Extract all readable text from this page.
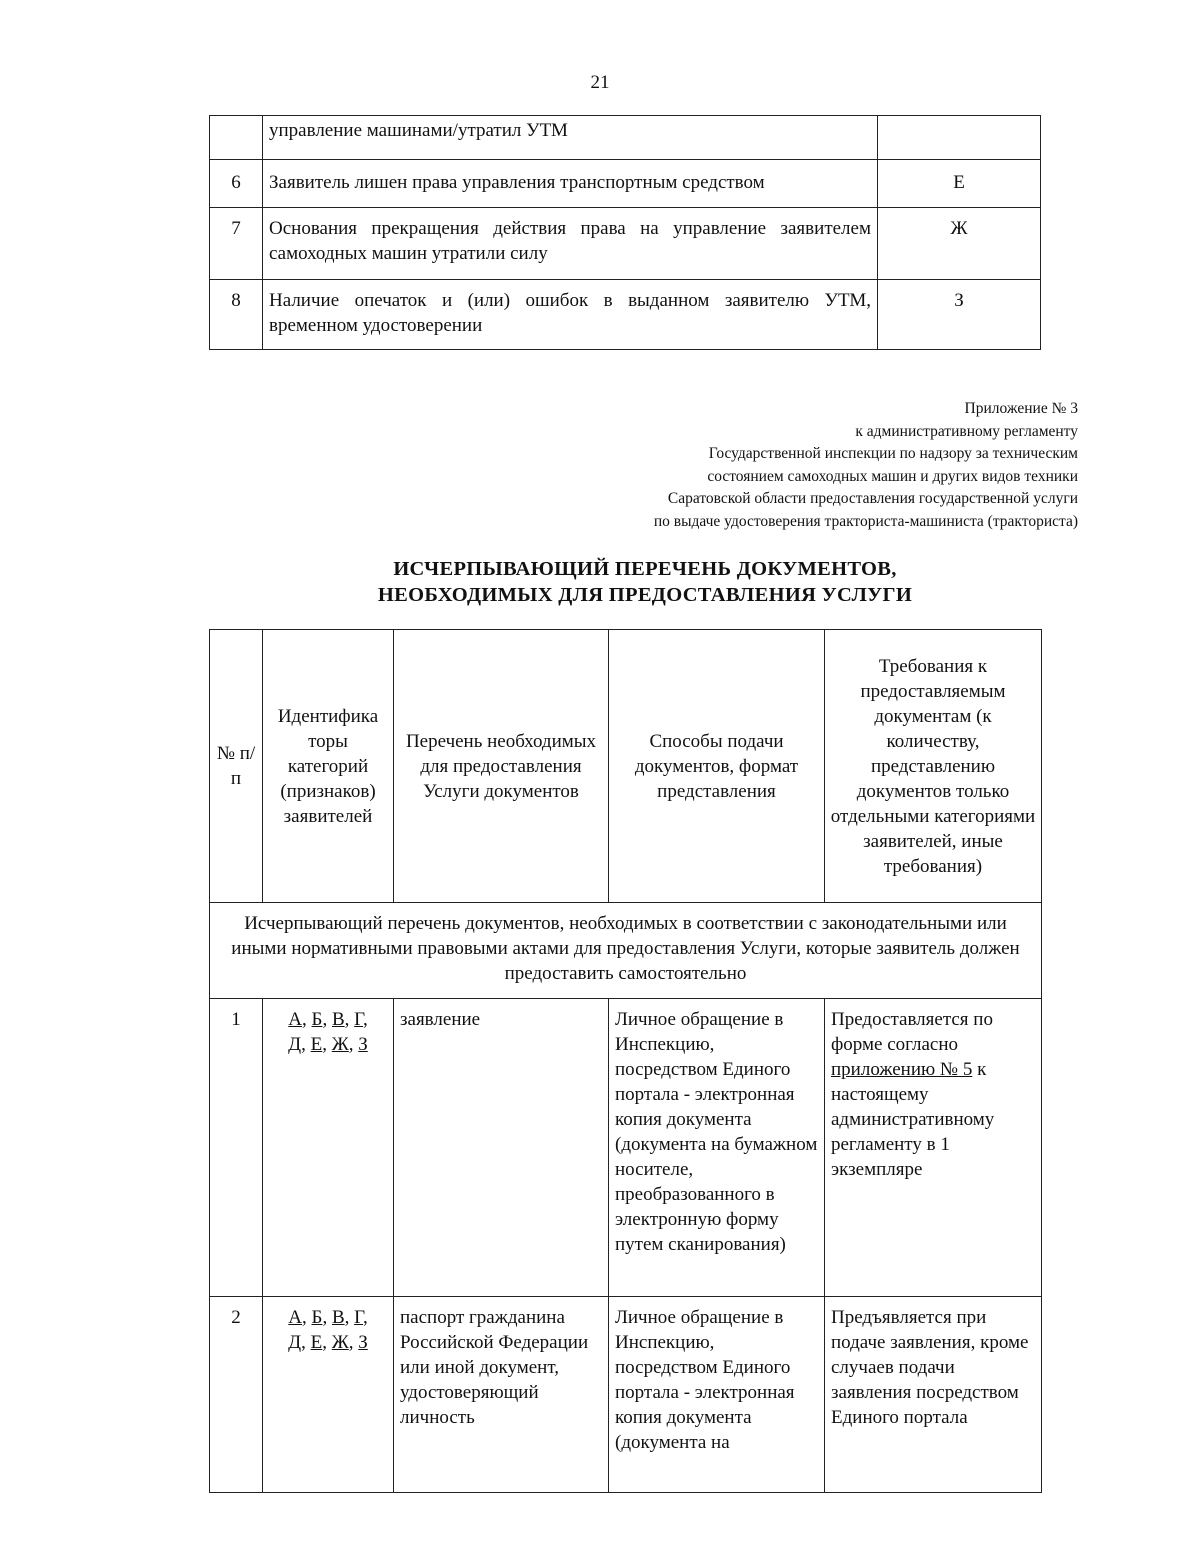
21
	управление машинами/утратил УТМ	
6	Заявитель лишен права управления транспортным средством	Е
7	Основания прекращения действия права на управление заявителем самоходных машин утратили силу	Ж
8	Наличие опечаток и (или) ошибок в выданном заявителю УТМ, временном удостоверении	З
Приложение № 3
к административному регламенту
Государственной инспекции по надзору за техническим
состоянием самоходных машин и других видов техники
Саратовской области предоставления государственной услуги
по выдаче удостоверения тракториста-машиниста (тракториста)
ИСЧЕРПЫВАЮЩИЙ ПЕРЕЧЕНЬ ДОКУМЕНТОВ,
НЕОБХОДИМЫХ ДЛЯ ПРЕДОСТАВЛЕНИЯ УСЛУГИ
№ п/п	Идентифика торы категорий (признаков) заявителей	Перечень необходимых для предоставления Услуги документов	Способы подачи документов, формат представления	Требования к предоставляемым документам (к количеству, представлению документов только отдельными категориями заявителей, иные требования)
Исчерпывающий перечень документов, необходимых в соответствии с законодательными или иными нормативными правовыми актами для предоставления Услуги, которые заявитель должен предоставить самостоятельно				
1	А, Б, В, Г,
Д, Е, Ж, З	заявление	Личное обращение в Инспекцию, посредством Единого портала - электронная копия документа (документа на бумажном носителе, преобразованного в электронную форму путем сканирования)	Предоставляется по форме согласно приложению № 5 к настоящему административному регламенту в 1 экземпляре
2	А, Б, В, Г,
Д, Е, Ж, З	паспорт гражданина Российской Федерации или иной документ, удостоверяющий личность	Личное обращение в Инспекцию, посредством Единого портала - электронная копия документа (документа на	Предъявляется при подаче заявления, кроме случаев подачи заявления посредством Единого портала
